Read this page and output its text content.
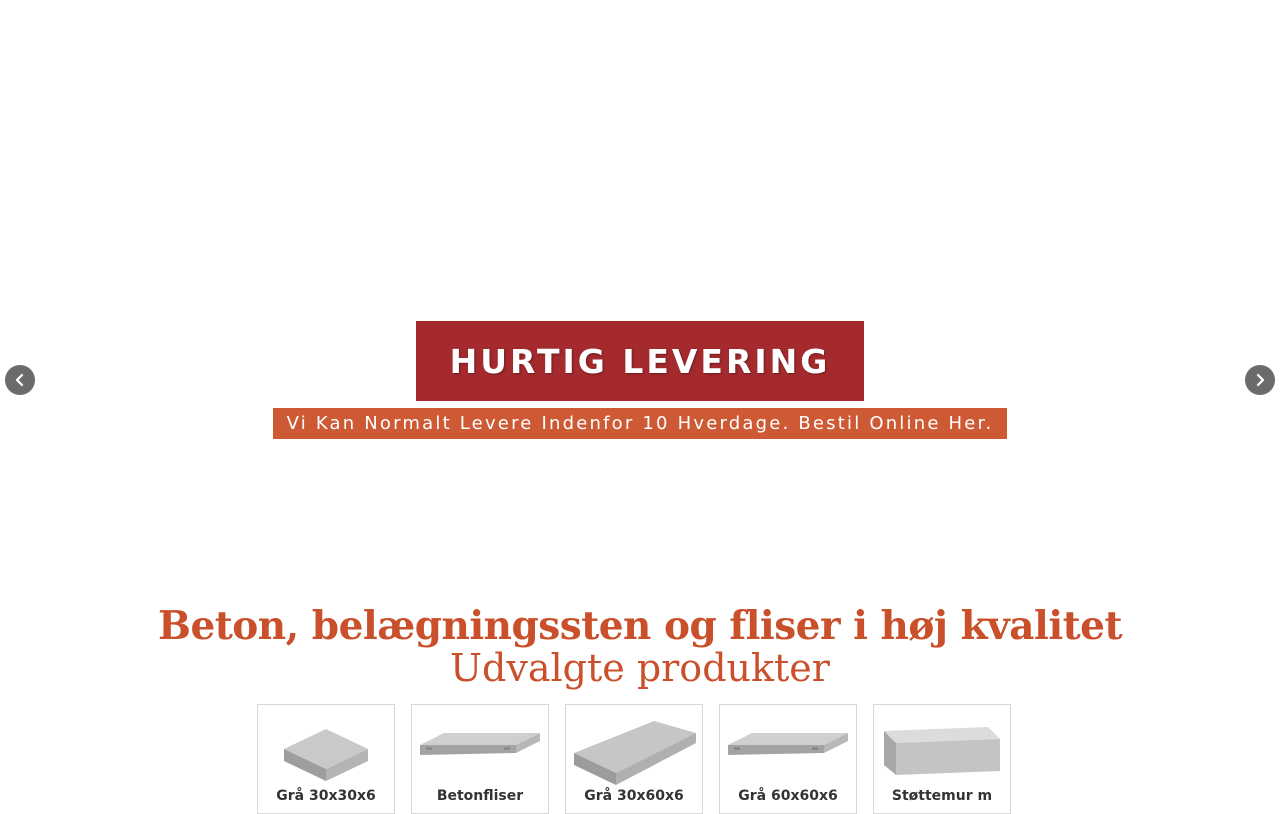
HURTIG LEVERING
Vi Kan Normalt Levere Indenfor 10 Hverdage. Bestil Online Her.
Beton, belægningssten og fliser i høj kvalitet
Udvalgte produkter
Grå 30x30x6	Betonfliser	Grå 30x60x6	Grå 60x60x6	Støttemur m
